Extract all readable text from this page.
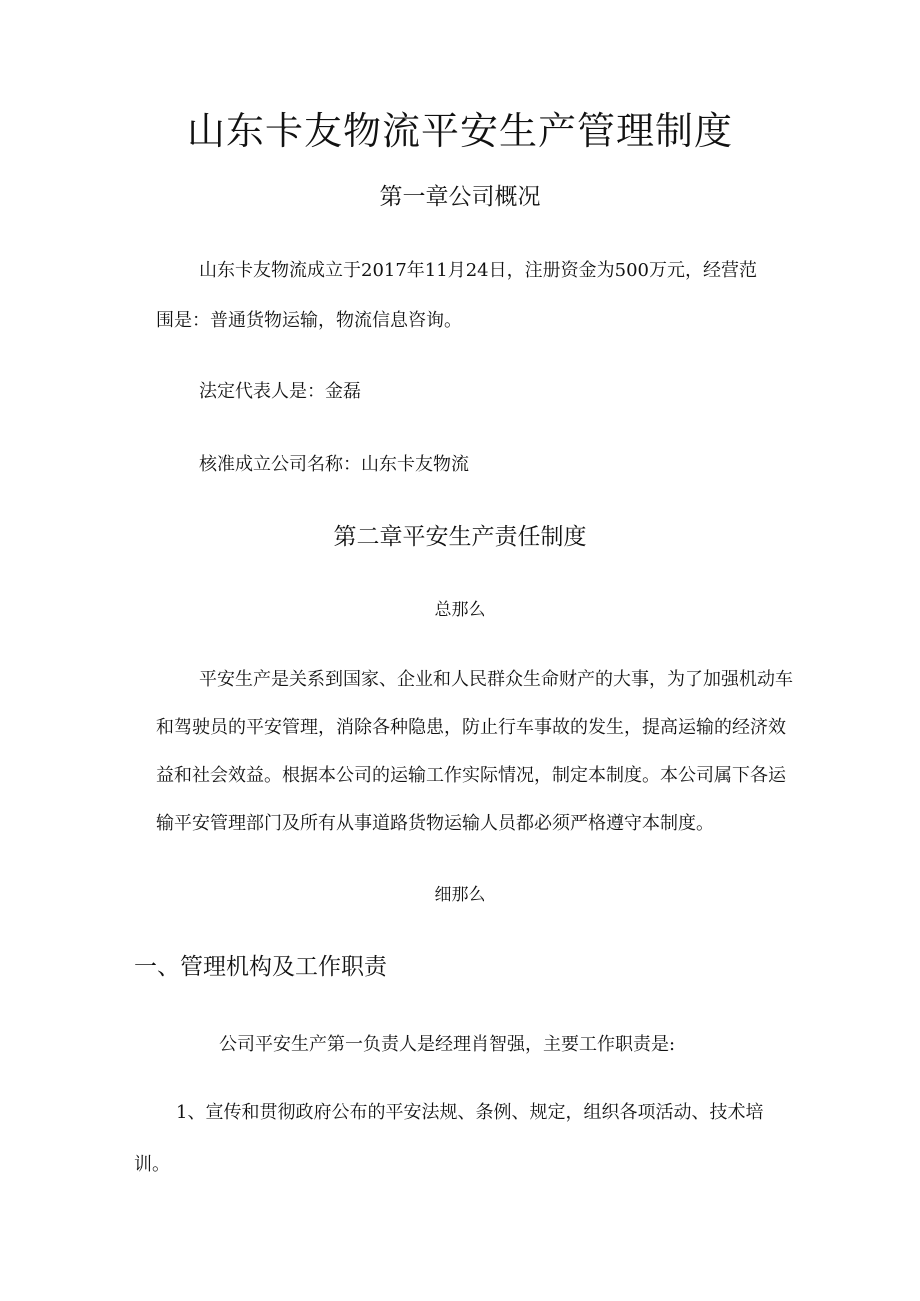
山东卡友物流平安生产管理制度
第一章公司概况

山东卡友物流成立于2017年11月24日，注册资金为500万元，经营范

围是：普通货物运输，物流信息咨询。

法定代表人是：金磊

核准成立公司名称：山东卡友物流

第二章平安生产责任制度
总那么

平安生产是关系到国家、企业和人民群众生命财产的大事，为了加强机动车

和驾驶员的平安管理，消除各种隐患，防止行车事故的发生，提高运输的经济效

益和社会效益。根据本公司的运输工作实际情况，制定本制度。本公司属下各运

输平安管理部门及所有从事道路货物运输人员都必须严格遵守本制度。

细那么
一、管理机构及工作职责

公司平安生产第一负责人是经理肖智强，主要工作职责是:

1、宣传和贯彻政府公布的平安法规、条例、规定，组织各项活动、技术培

训。
